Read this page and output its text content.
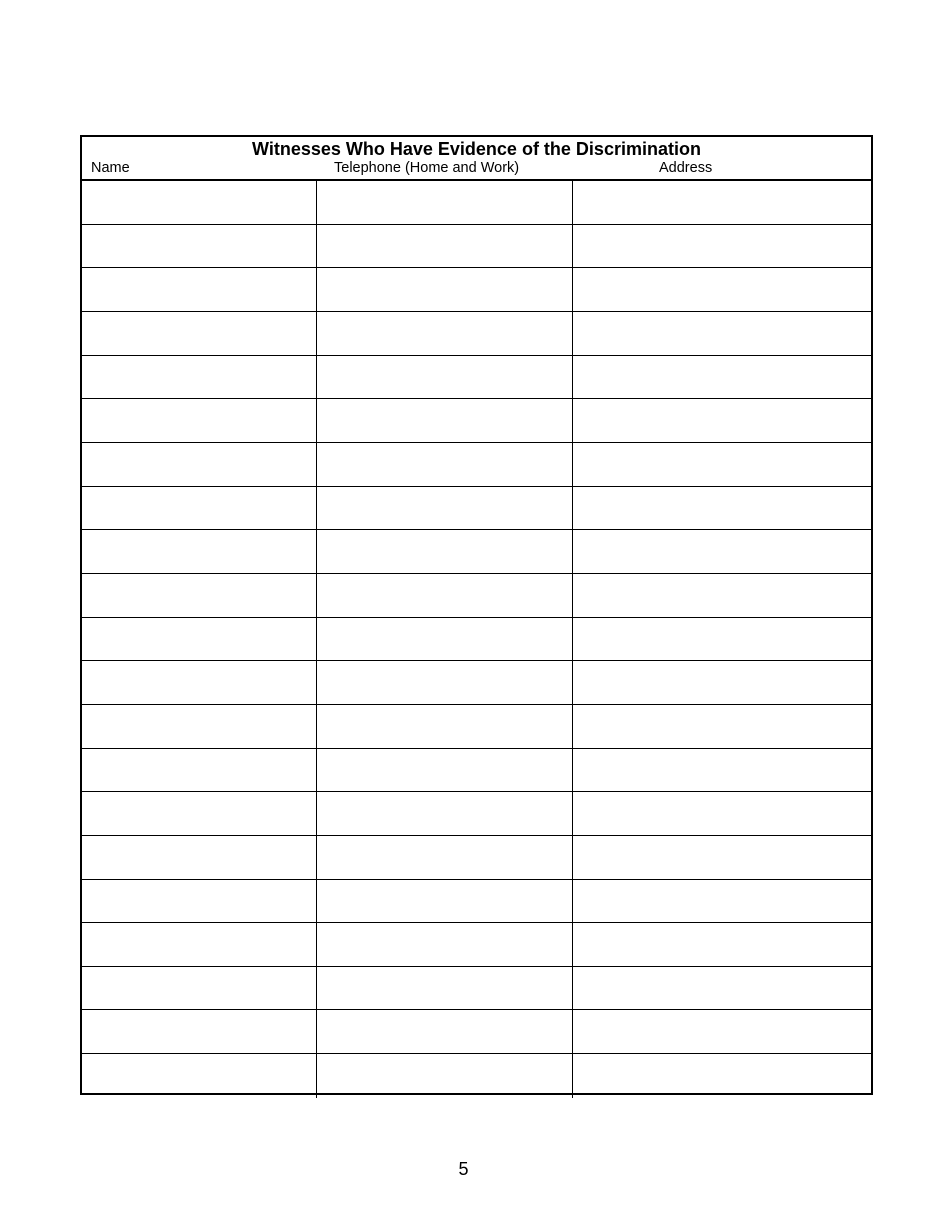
Witnesses Who Have Evidence of the Discrimination
Name	Telephone (Home and Work)	Address
5
